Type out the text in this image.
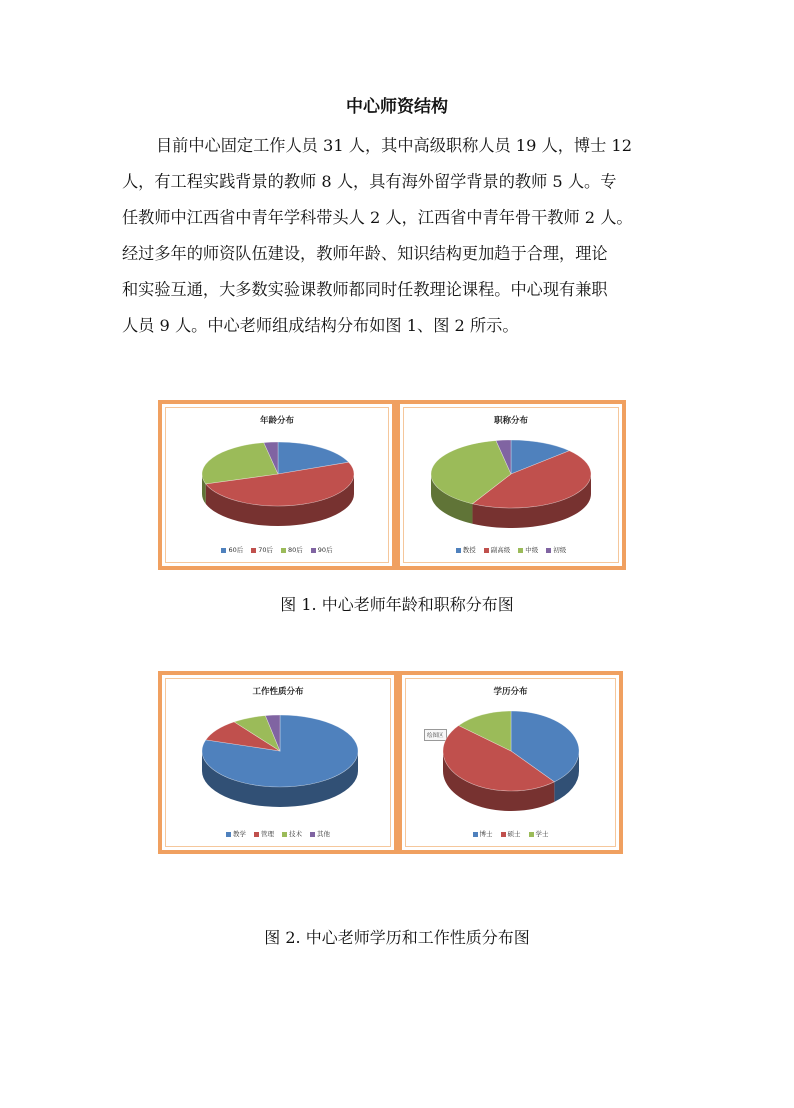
中心师资结构
目前中心固定工作人员 31 人，其中高级职称人员 19 人，博士 12
人，有工程实践背景的教师 8 人，具有海外留学背景的教师 5 人。专
任教师中江西省中青年学科带头人 2 人，江西省中青年骨干教师 2 人。
经过多年的师资队伍建设，教师年龄、知识结构更加趋于合理，理论
和实验互通，大多数实验课教师都同时任教理论课程。中心现有兼职
人员 9 人。中心老师组成结构分布如图 1、图 2 所示。
年龄分布
60后 70后 80后 90后
职称分布
教授 副高级 中级 初级
图 1. 中心老师年龄和职称分布图
工作性质分布
教学 管理 技术 其他
学历分布
绘图区
博士 硕士 学士
图 2. 中心老师学历和工作性质分布图
